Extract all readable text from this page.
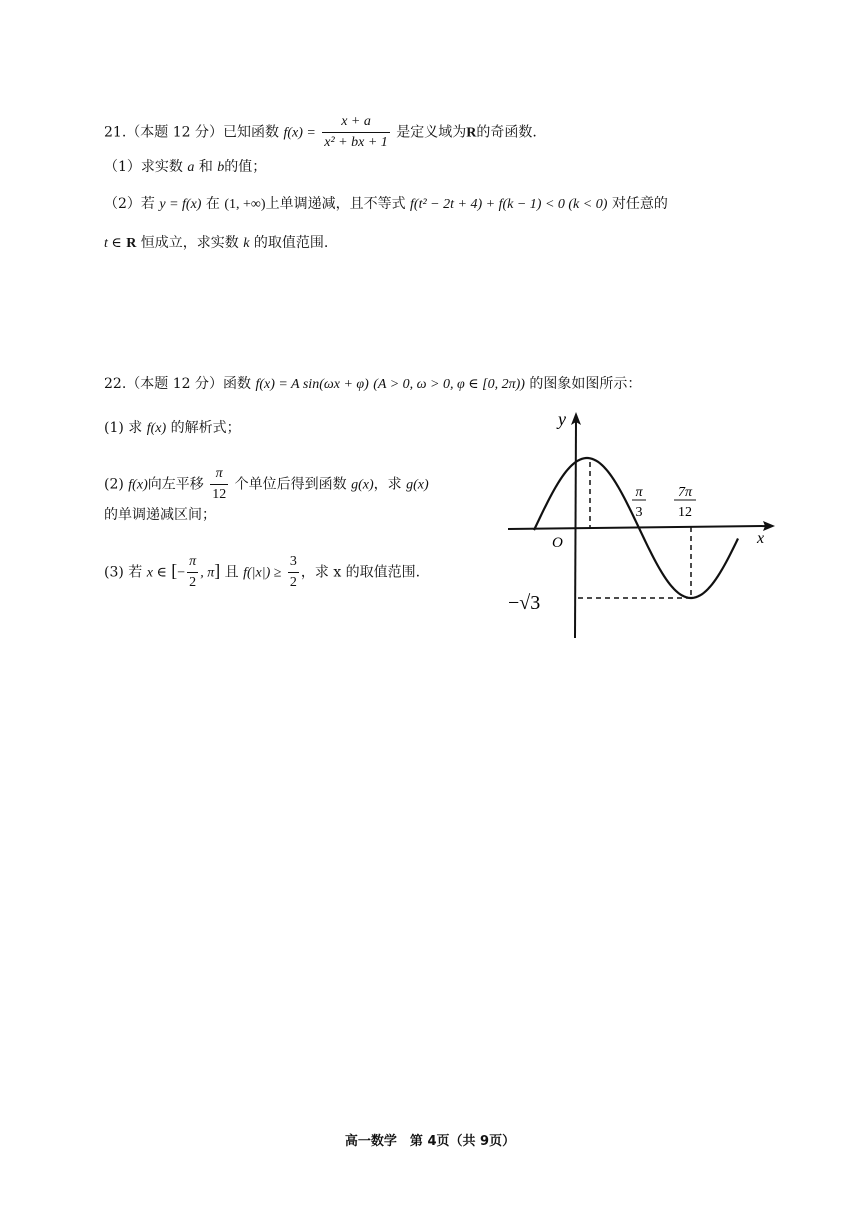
21.（本题 12 分）已知函数 $f(x) = \frac{x + a}{\text{x² + bx + 1}}$ 是定义域为R的奇函数.
（1）求实数 a 和 b的值；
（2）若 y = f(x) 在 (1, +∞)上单调递减，且不等式 f(t² − 2t + 4) + f(k − 1) < 0 (k < 0) 对任意的
t ∈ R 恒成立，求实数 k 的取值范围.
22.（本题 12 分）函数 f(x) = A sin(ωx + φ) (A > 0, ω > 0, φ ∈ [0, 2π)) 的图象如图所示：
(1) 求 f(x) 的解析式；
(2) f(x)向左平移 $\frac{\pi}{12}$ 个单位后得到函数 g(x)，求 g(x)
的单调递减区间；
(3) 若 x ∈ [− $\frac{\pi}{2}$ , π] 且 $f(|x|) \ge \frac{3}{2}$ ，求 x 的取值范围.
y
x
O
π
3
7π
12
−√3
高一数学　第 4页（共 9页）
